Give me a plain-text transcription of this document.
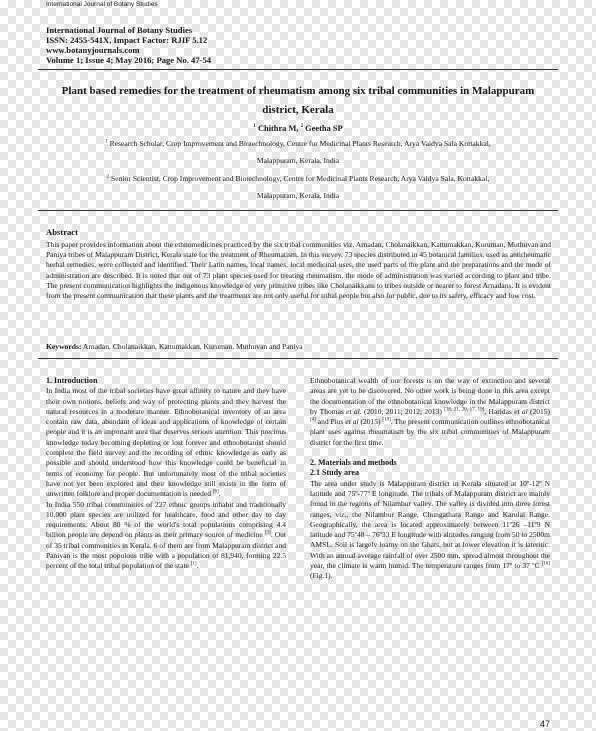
International Journal of Botany Studies
International Journal of Botany Studies
ISSN: 2455-541X, Impact Factor: RJIF 5.12
www.botanyjournals.com
Volume 1; Issue 4; May 2016; Page No. 47-54
Plant based remedies for the treatment of rheumatism among six tribal communities in Malappuram
district, Kerala
$^1$ Chithra M, $^2$ Geetha SP
$^1$ Research Scholar, Crop Improvement and Biotechnology, Centre for Medicinal Plants Research, Arya Vaidya Sala Kottakkal,
Malappuram, Kerala, India
$^2$ Senior Scientist, Crop Improvement and Biotechnology, Centre for Medicinal Plants Research, Arya Vaidya Sala, Kottakkal,
Malappuram, Kerala, India
Abstract
This paper provides information about the ethnomedicines practiced by the six tribal communities viz, Arnadan, Cholanaikkan, Kattumakkan, Kuruman, Muthuvan and Paniya tribes of Malappuram District, Kerala state for the treatment of Rheumatism. In this survey, 73 species distributed in 45 botanical families, used as antirheumatic herbal remedies, were collected and identified. Their Latin names, local names, local medicinal uses, the used parts of the plant and the preparations and the mode of administration are described. It is noted that out of 73 plant species used for treating rheumatism, the mode of administration was varied according to plant and tribe. The present communication highlights the indigenous knowledge of very primitive tribes like Cholanaikkans to tribes outside or nearer to forest Arnadans. It is evident from the present communication that these plants and the treatments are not only useful for tribal people but also for public, due to its safety, efficacy and low cost.
Keywords: Arnadan, Cholanaikkan, Kattumakkan, Kuruman, Muthuvan and Paniya
1. Introduction

In India most of the tribal societies have great affinity to nature and they have their own notions, beliefs and way of protecting plants and they harvest the natural resources in a moderate manner. Ethnobotanical inventory of an area contain raw data, abundant of ideas and applications of knowledge of certain people and it is an important area that deserves serious attention. This precious knowledge today becoming depleting or lost forever and ethnobotanist should complete the field survey and the recording of ethnic knowledge as early as possible and should understood how this knowledge could be beneficial in terms of economy for people. But unfortunately most of the tribal societies have not yet been explored and their knowledge still exists in the form of unwritten folklore and proper documentation is needed [6].

In India 550 tribal communities of 227 ethnic groups inhabit and traditionally 10,000 plant species are utilized for healthcare, food and other day to day requirements. About 80 % of the world's total populations comprising 4.4 billion people are depend on plants as their primary source of medicine [3]. Out of 35 tribal communities in Kerala, 6 of them are from Malappuram district and Paniyan is the most populous tribe with a population of 81,940, forming 22.5 percent of the total tribal population of the state [1].

Ethnobotanical wealth of our forests is on the way of extinction and several areas are yet to be discovered. No other work is being done in this area except the documentation of the ethnobotanical knowledge in the Malappuram district by Thomas et al. (2010; 2011; 2012; 2013) [18, 21, 20, 17, 19], Haridas et al (2015) [4] and Pius et al (2015) [10]. The present communication outlines ethnobotanical plant uses against rheumatism by the six tribal communities of Malappuram district for the first time.

2. Materials and methods
2.1 Study area

The area under study is Malappuram district in Kerala situated at 10º-12º N latitude and 75º-77º E longitude. The tribals of Malappuram district are mainly found in the regions of Nilambur valley. The valley is divided into three forest ranges, viz., the Nilambur Range, Chungathara Range and Karulai Range. Geographically, the area is located approximately between 11º26 –11º9 N latitude and 75º48 – 76º33 E longitude with altitudes ranging from 50 to 2500m AMSL. Soil is largely loamy on the Ghats, but at lower elevation it is lateritic. With an annual average rainfall of over 2500 mm, spread almost throughout the year, the climate is warm humid. The temperature ranges from 17º to 37 ºC [16] (Fig.1).

47
